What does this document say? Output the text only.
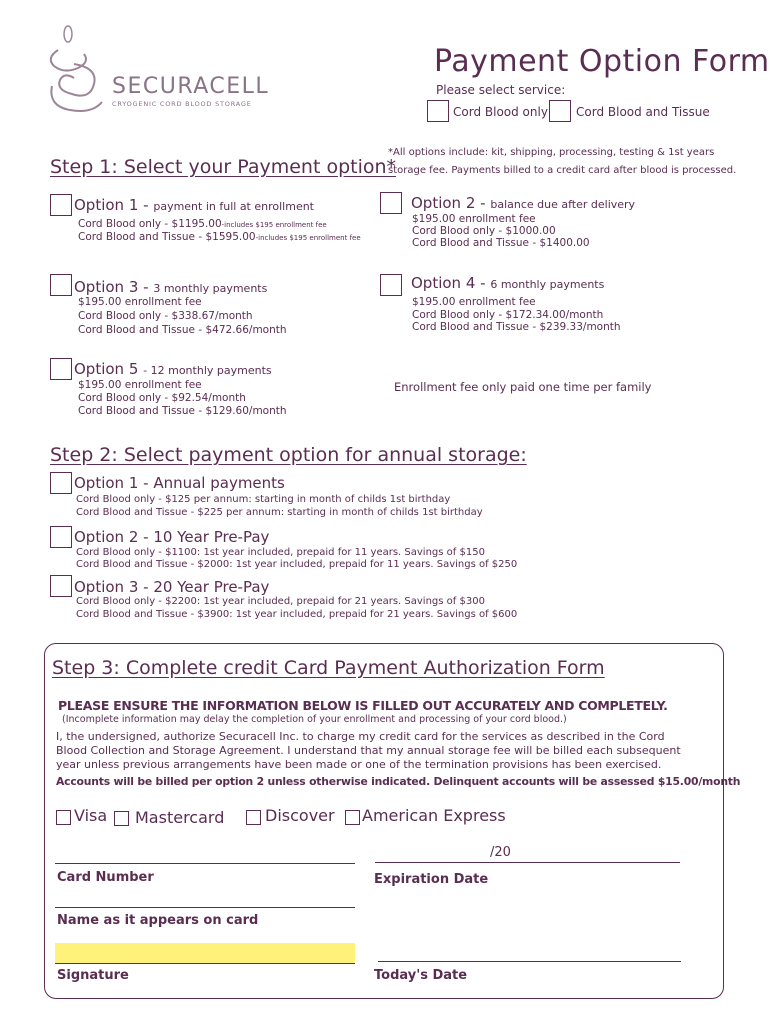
SECURACELL
CRYOGENIC CORD BLOOD STORAGE
Payment Option Form
Please select service:
Cord Blood only Cord Blood and Tissue
Step 1: Select your Payment option*
*All options include: kit, shipping, processing, testing & 1st years
storage fee. Payments billed to a credit card after blood is processed.
Option 1 - payment in full at enrollment
Cord Blood only - $1195.00-includes $195 enrollment fee
Cord Blood and Tissue - $1595.00-includes $195 enrollment fee
Option 2 - balance due after delivery
$195.00 enrollment fee
Cord Blood only - $1000.00
Cord Blood and Tissue - $1400.00
Option 3 - 3 monthly payments
$195.00 enrollment fee
Cord Blood only - $338.67/month
Cord Blood and Tissue - $472.66/month
Option 4 - 6 monthly payments
$195.00 enrollment fee
Cord Blood only - $172.34.00/month
Cord Blood and Tissue - $239.33/month
Option 5 - 12 monthly payments
$195.00 enrollment fee
Cord Blood only - $92.54/month
Cord Blood and Tissue - $129.60/month
Enrollment fee only paid one time per family
Step 2: Select payment option for annual storage:
Option 1 - Annual payments
Cord Blood only - $125 per annum: starting in month of childs 1st birthday
Cord Blood and Tissue - $225 per annum: starting in month of childs 1st birthday
Option 2 - 10 Year Pre-Pay
Cord Blood only - $1100: 1st year included, prepaid for 11 years. Savings of $150
Cord Blood and Tissue - $2000: 1st year included, prepaid for 11 years. Savings of $250
Option 3 - 20 Year Pre-Pay
Cord Blood only - $2200: 1st year included, prepaid for 21 years. Savings of $300
Cord Blood and Tissue - $3900: 1st year included, prepaid for 21 years. Savings of $600
Step 3: Complete credit Card Payment Authorization Form
PLEASE ENSURE THE INFORMATION BELOW IS FILLED OUT ACCURATELY AND COMPLETELY.
(Incomplete information may delay the completion of your enrollment and processing of your cord blood.)
I, the undersigned, authorize Securacell Inc. to charge my credit card for the services as described in the Cord
Blood Collection and Storage Agreement. I understand that my annual storage fee will be billed each subsequent
year unless previous arrangements have been made or one of the termination provisions has been exercised.
Accounts will be billed per option 2 unless otherwise indicated. Delinquent accounts will be assessed $15.00/month
Visa Mastercard	Discover American Express
/20
Card Number	Expiration Date
Name as it appears on card
Signature	Today's Date
